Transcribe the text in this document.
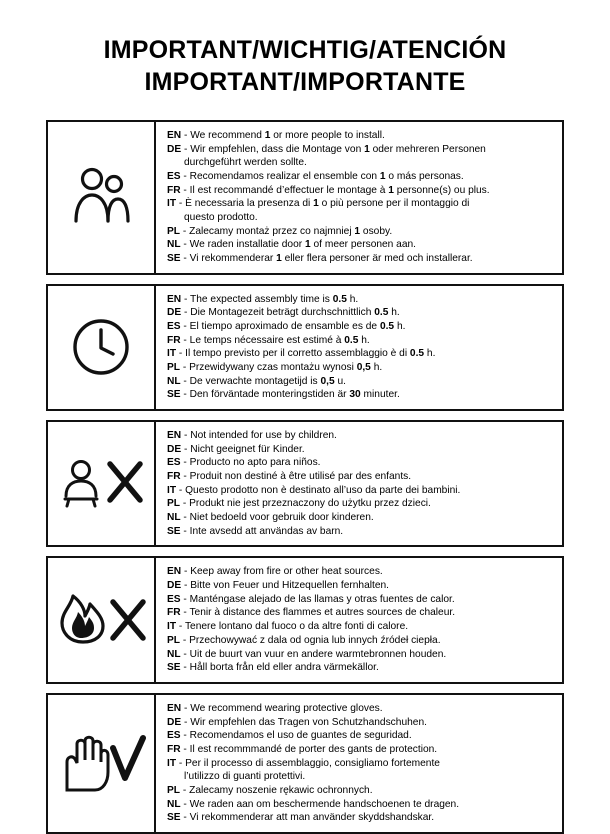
IMPORTANT/WICHTIG/ATENCIÓN
IMPORTANT/IMPORTANTE
EN - We recommend 1 or more people to install.
DE - Wir empfehlen, dass die Montage von 1 oder mehreren Personen
durchgeführt werden sollte.
ES - Recomendamos realizar el ensemble con 1 o más personas.
FR - Il est recommandé d’effectuer le montage à 1 personne(s) ou plus.
IT - È necessaria la presenza di 1 o più persone per il montaggio di
questo prodotto.
PL - Zalecamy montaż przez co najmniej 1 osoby.
NL - We raden installatie door 1 of meer personen aan.
SE - Vi rekommenderar 1 eller flera personer är med och installerar.
EN - The expected assembly time is 0.5 h.
DE - Die Montagezeit beträgt durchschnittlich 0.5 h.
ES - El tiempo aproximado de ensamble es de 0.5 h.
FR - Le temps nécessaire est estimé à 0.5 h.
IT - Il tempo previsto per il corretto assemblaggio è di 0.5 h.
PL - Przewidywany czas montażu wynosi 0,5 h.
NL - De verwachte montagetijd is 0,5 u.
SE - Den förväntade monteringstiden är 30 minuter.
EN - Not intended for use by children.
DE - Nicht geeignet für Kinder.
ES - Producto no apto para niños.
FR - Produit non destiné à être utilisé par des enfants.
IT - Questo prodotto non è destinato all’uso da parte dei bambini.
PL - Produkt nie jest przeznaczony do użytku przez dzieci.
NL - Niet bedoeld voor gebruik door kinderen.
SE - Inte avsedd att användas av barn.
EN - Keep away from fire or other heat sources.
DE - Bitte von Feuer und Hitzequellen fernhalten.
ES - Manténgase alejado de las llamas y otras fuentes de calor.
FR - Tenir à distance des flammes et autres sources de chaleur.
IT - Tenere lontano dal fuoco o da altre fonti di calore.
PL - Przechowywać z dala od ognia lub innych źródeł ciepła.
NL - Uit de buurt van vuur en andere warmtebronnen houden.
SE - Håll borta från eld eller andra värmekällor.
EN - We recommend wearing protective gloves.
DE - Wir empfehlen das Tragen von Schutzhandschuhen.
ES - Recomendamos el uso de guantes de seguridad.
FR - Il est recommmandé de porter des gants de protection.
IT - Per il processo di assemblaggio, consigliamo fortemente
l’utilizzo di guanti protettivi.
PL - Zalecamy noszenie rękawic ochronnych.
NL - We raden aan om beschermende handschoenen te dragen.
SE - Vi rekommenderar att man använder skyddshandskar.
